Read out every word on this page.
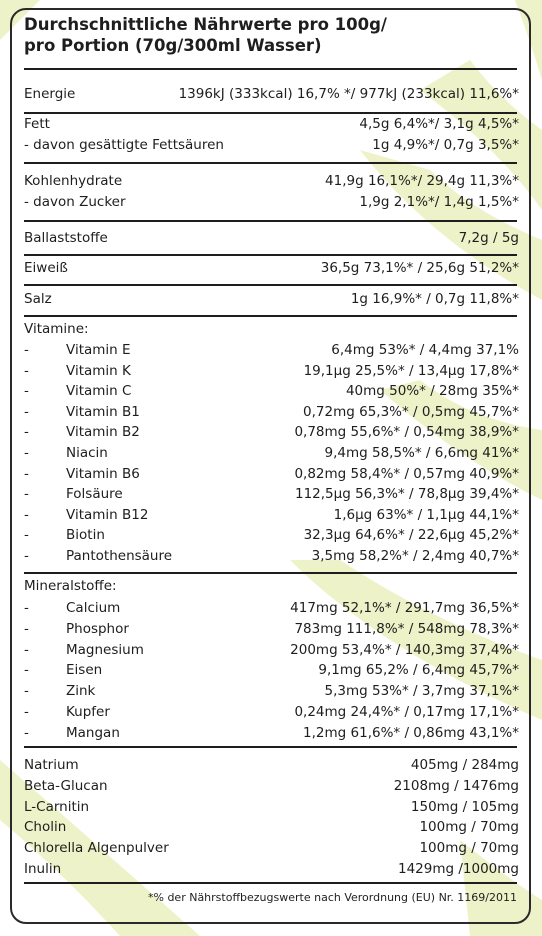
Durchschnittliche Nährwerte pro 100g/
pro Portion (70g/300ml Wasser)
Energie	1396kJ (333kcal) 16,7% */ 977kJ (233kcal) 11,6%*
Fett	4,5g 6,4%*/ 3,1g 4,5%*
- davon gesättigte Fettsäuren	1g 4,9%*/ 0,7g 3,5%*
Kohlenhydrate	41,9g 16,1%*/ 29,4g 11,3%*
- davon Zucker	1,9g 2,1%*/ 1,4g 1,5%*
Ballaststoffe	7,2g / 5g
Eiweiß	36,5g 73,1%* / 25,6g 51,2%*
Salz	1g 16,9%* / 0,7g 11,8%*
Vitamine:
-	Vitamin E	6,4mg 53%* / 4,4mg 37,1%
-	Vitamin K	19,1µg 25,5%* / 13,4µg 17,8%*
-	Vitamin C	40mg 50%* / 28mg 35%*
-	Vitamin B1	0,72mg 65,3%* / 0,5mg 45,7%*
-	Vitamin B2	0,78mg 55,6%* / 0,54mg 38,9%*
-	Niacin	9,4mg 58,5%* / 6,6mg 41%*
-	Vitamin B6	0,82mg 58,4%* / 0,57mg 40,9%*
-	Folsäure	112,5µg 56,3%* / 78,8µg 39,4%*
-	Vitamin B12	1,6µg 63%* / 1,1µg 44,1%*
-	Biotin	32,3µg 64,6%* / 22,6µg 45,2%*
-	Pantothensäure	3,5mg 58,2%* / 2,4mg 40,7%*
Mineralstoffe:
-	Calcium	417mg 52,1%* / 291,7mg 36,5%*
-	Phosphor	783mg 111,8%* / 548mg 78,3%*
-	Magnesium	200mg 53,4%* / 140,3mg 37,4%*
-	Eisen	9,1mg 65,2% / 6,4mg 45,7%*
-	Zink	5,3mg 53%* / 3,7mg 37,1%*
-	Kupfer	0,24mg 24,4%* / 0,17mg 17,1%*
-	Mangan	1,2mg 61,6%* / 0,86mg 43,1%*
Natrium	405mg / 284mg
Beta-Glucan	2108mg / 1476mg
L-Carnitin	150mg / 105mg
Cholin	100mg / 70mg
Chlorella Algenpulver	100mg / 70mg
Inulin	1429mg /1000mg
*% der Nährstoffbezugswerte nach Verordnung (EU) Nr. 1169/2011
